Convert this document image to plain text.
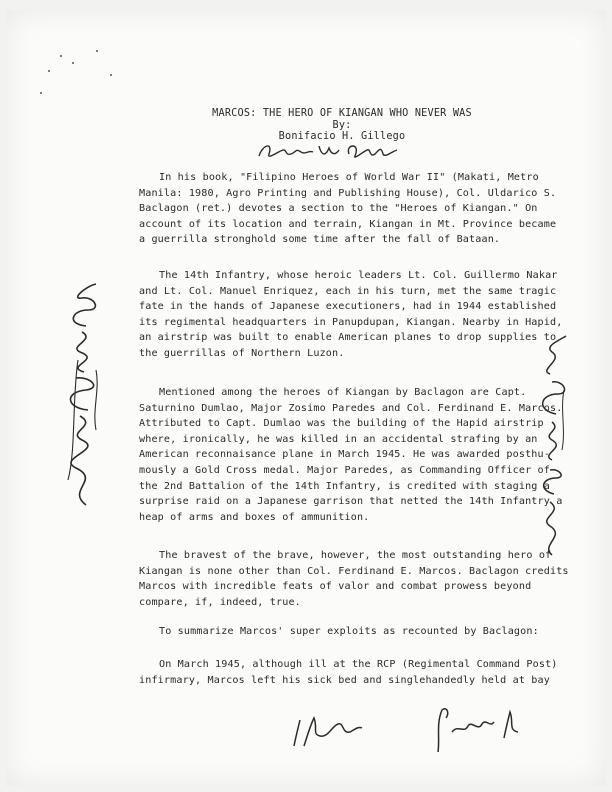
MARCOS: THE HERO OF KIANGAN WHO NEVER WAS
By:
Bonifacio H. Gillego
In his book, "Filipino Heroes of World War II" (Makati, Metro
Manila: 1980, Agro Printing and Publishing House), Col. Uldarico S.
Baclagon (ret.) devotes a section to the "Heroes of Kiangan." On
account of its location and terrain, Kiangan in Mt. Province became
a guerrilla stronghold some time after the fall of Bataan.
The 14th Infantry, whose heroic leaders Lt. Col. Guillermo Nakar
and Lt. Col. Manuel Enriquez, each in his turn, met the same tragic
fate in the hands of Japanese executioners, had in 1944 established
its regimental headquarters in Panupdupan, Kiangan. Nearby in Hapid,
an airstrip was built to enable American planes to drop supplies to
the guerrillas of Northern Luzon.
Mentioned among the heroes of Kiangan by Baclagon are Capt.
Saturnino Dumlao, Major Zosimo Paredes and Col. Ferdinand E. Marcos.
Attributed to Capt. Dumlao was the building of the Hapid airstrip
where, ironically, he was killed in an accidental strafing by an
American reconnaisance plane in March 1945. He was awarded posthu-
mously a Gold Cross medal. Major Paredes, as Commanding Officer of
the 2nd Battalion of the 14th Infantry, is credited with staging a
surprise raid on a Japanese garrison that netted the 14th Infantry a
heap of arms and boxes of ammunition.
The bravest of the brave, however, the most outstanding hero of
Kiangan is none other than Col. Ferdinand E. Marcos. Baclagon credits
Marcos with incredible feats of valor and combat prowess beyond
compare, if, indeed, true.
To summarize Marcos' super exploits as recounted by Baclagon:
On March 1945, although ill at the RCP (Regimental Command Post)
infirmary, Marcos left his sick bed and singlehandedly held at bay
